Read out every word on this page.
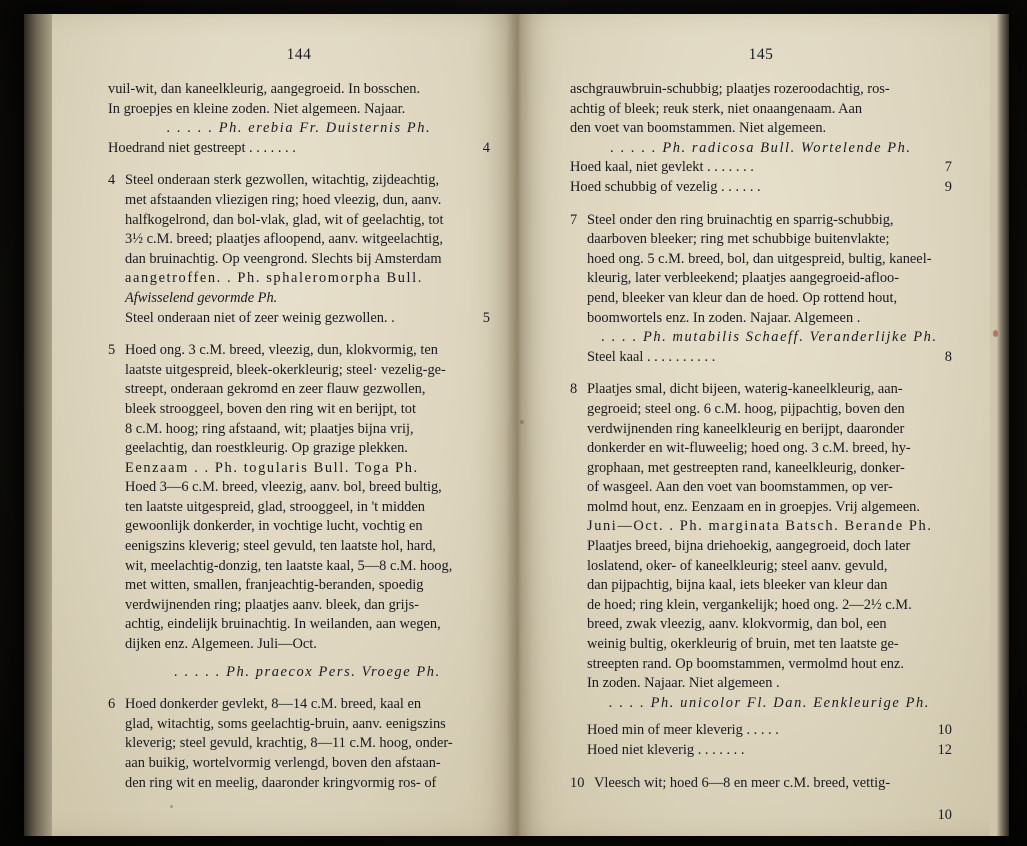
144
vuil-wit, dan kaneelkleurig, aangegroeid. In bosschen.
In groepjes en kleine zoden. Niet algemeen. Najaar.
. . . . . Ph. erebia Fr. Duisternis Ph.
4
Hoedrand niet gestreept . . . . . . .
4 Steel onderaan sterk gezwollen, witachtig, zijdeachtig,
met afstaanden vliezigen ring; hoed vleezig, dun, aanv.
halfkogelrond, dan bol-vlak, glad, wit of geelachtig, tot
3½ c.M. breed; plaatjes afloopend, aanv. witgeelachtig,
dan bruinachtig. Op veengrond. Slechts bij Amsterdam
aangetroffen. . Ph. sphaleromorpha Bull.
Afwisselend gevormde Ph.
5
Steel onderaan niet of zeer weinig gezwollen. .
5 Hoed ong. 3 c.M. breed, vleezig, dun, klokvormig, ten
laatste uitgespreid, bleek-okerkleurig; steel· vezelig-ge-
streept, onderaan gekromd en zeer flauw gezwollen,
bleek strooggeel, boven den ring wit en berijpt, tot
8 c.M. hoog; ring afstaand, wit; plaatjes bijna vrij,
geelachtig, dan roestkleurig. Op grazige plekken.
Eenzaam . . Ph. togularis Bull. Toga Ph.
Hoed 3—6 c.M. breed, vleezig, aanv. bol, breed bultig,
ten laatste uitgespreid, glad, strooggeel, in 't midden
gewoonlijk donkerder, in vochtige lucht, vochtig en
eenigszins kleverig; steel gevuld, ten laatste hol, hard,
wit, meelachtig-donzig, ten laatste kaal, 5—8 c.M. hoog,
met witten, smallen, franjeachtig-beranden, spoedig
verdwijnenden ring; plaatjes aanv. bleek, dan grijs-
achtig, eindelijk bruinachtig. In weilanden, aan wegen,
dijken enz. Algemeen. Juli—Oct.
. . . . . Ph. praecox Pers. Vroege Ph.
6 Hoed donkerder gevlekt, 8—14 c.M. breed, kaal en
glad, witachtig, soms geelachtig-bruin, aanv. eenigszins
kleverig; steel gevuld, krachtig, 8—11 c.M. hoog, onder-
aan buikig, wortelvormig verlengd, boven den afstaan-
den ring wit en meelig, daaronder kringvormig ros- of
145
aschgrauwbruin-schubbig; plaatjes rozeroodachtig, ros-
achtig of bleek; reuk sterk, niet onaangenaam. Aan
den voet van boomstammen. Niet algemeen.
. . . . . Ph. radicosa Bull. Wortelende Ph.
7
Hoed kaal, niet gevlekt . . . . . . .
9
Hoed schubbig of vezelig . . . . . .
7 Steel onder den ring bruinachtig en sparrig-schubbig,
daarboven bleeker; ring met schubbige buitenvlakte;
hoed ong. 5 c.M. breed, bol, dan uitgespreid, bultig, kaneel-
kleurig, later verbleekend; plaatjes aangegroeid-afloo-
pend, bleeker van kleur dan de hoed. Op rottend hout,
boomwortels enz. In zoden. Najaar. Algemeen .
. . . . Ph. mutabilis Schaeff. Veranderlijke Ph.
8
Steel kaal . . . . . . . . . .
8 Plaatjes smal, dicht bijeen, waterig-kaneelkleurig, aan-
gegroeid; steel ong. 6 c.M. hoog, pijpachtig, boven den
verdwijnenden ring kaneelkleurig en berijpt, daaronder
donkerder en wit-fluweelig; hoed ong. 3 c.M. breed, hy-
grophaan, met gestreepten rand, kaneelkleurig, donker-
of wasgeel. Aan den voet van boomstammen, op ver-
molmd hout, enz. Eenzaam en in groepjes. Vrij algemeen.
Juni—Oct. . Ph. marginata Batsch. Berande Ph.
Plaatjes breed, bijna driehoekig, aangegroeid, doch later
loslatend, oker- of kaneelkleurig; steel aanv. gevuld,
dan pijpachtig, bijna kaal, iets bleeker van kleur dan
de hoed; ring klein, vergankelijk; hoed ong. 2—2½ c.M.
breed, zwak vleezig, aanv. klokvormig, dan bol, een
weinig bultig, okerkleurig of bruin, met ten laatste ge-
streepten rand. Op boomstammen, vermolmd hout enz.
In zoden. Najaar. Niet algemeen .
. . . . Ph. unicolor Fl. Dan. Eenkleurige Ph.
10
Hoed min of meer kleverig . . . . .
12
Hoed niet kleverig . . . . . . .
10 Vleesch wit; hoed 6—8 en meer c.M. breed, vettig-
10
